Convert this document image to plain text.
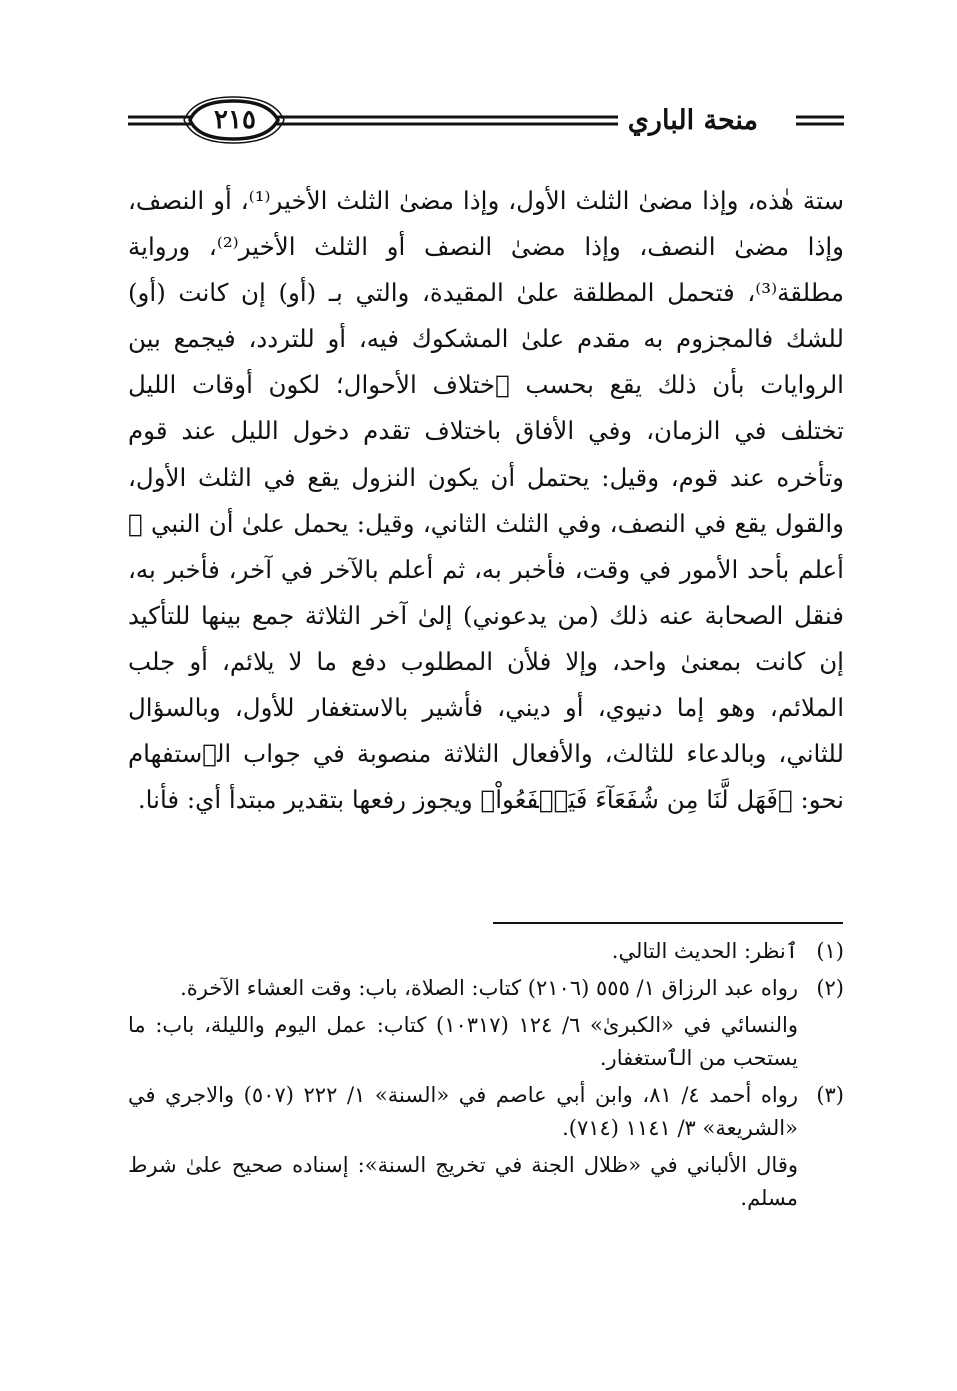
منحة الباري
٢١٥

ستة هٰذه، وإذا مضىٰ الثلث الأول، وإذا مضىٰ الثلث الأخير⁽¹⁾، أو النصف، وإذا مضىٰ النصف، وإذا مضىٰ النصف أو الثلث الأخير⁽²⁾، ورواية مطلقة⁽³⁾، فتحمل المطلقة علىٰ المقيدة، والتي بـ (أو) إن كانت (أو) للشك فالمجزوم به مقدم علىٰ المشكوك فيه، أو للتردد، فيجمع بين الروايات بأن ذلك يقع بحسب ٱختلاف الأحوال؛ لكون أوقات الليل تختلف في الزمان، وفي الأفاق باختلاف تقدم دخول الليل عند قوم وتأخره عند قوم، وقيل: يحتمل أن يكون النزول يقع في الثلث الأول، والقول يقع في النصف، وفي الثلث الثاني، وقيل: يحمل علىٰ أن النبي ﷺ أعلم بأحد الأمور في وقت، فأخبر به، ثم أعلم بالآخر في آخر، فأخبر به، فنقل الصحابة عنه ذلك (من يدعوني) إلىٰ آخر الثلاثة جمع بينها للتأكيد إن كانت بمعنىٰ واحد، وإلا فلأن المطلوب دفع ما لا يلائم، أو جلب الملائم، وهو إما دنيوي، أو ديني، فأشير بالاستغفار للأول، وبالسؤال للثاني، وبالدعاء للثالث، والأفعال الثلاثة منصوبة في جواب الٱستفهام نحو: ﴿فَهَل لَّنَا مِن شُفَعَآءَ فَيَشۡفَعُواْ﴾ ويجوز رفعها بتقدير مبتدأ أي: فأنا.

(١)
ٱنظر: الحديث التالي.
(٢)
رواه عبد الرزاق ١/ ٥٥٥ (٢١٠٦) كتاب: الصلاة، باب: وقت العشاء الآخرة.
والنسائي في «الكبرىٰ» ٦/ ١٢٤ (١٠٣١٧) كتاب: عمل اليوم والليلة، باب: ما يستحب من الٱستغفار.
(٣)
رواه أحمد ٤/ ٨١، وابن أبي عاصم في «السنة» ١/ ٢٢٢ (٥٠٧) والاجري في «الشريعة» ٣/ ١١٤١ (٧١٤).
وقال الألباني في «ظلال الجنة في تخريج السنة»: إسناده صحيح علىٰ شرط مسلم.
